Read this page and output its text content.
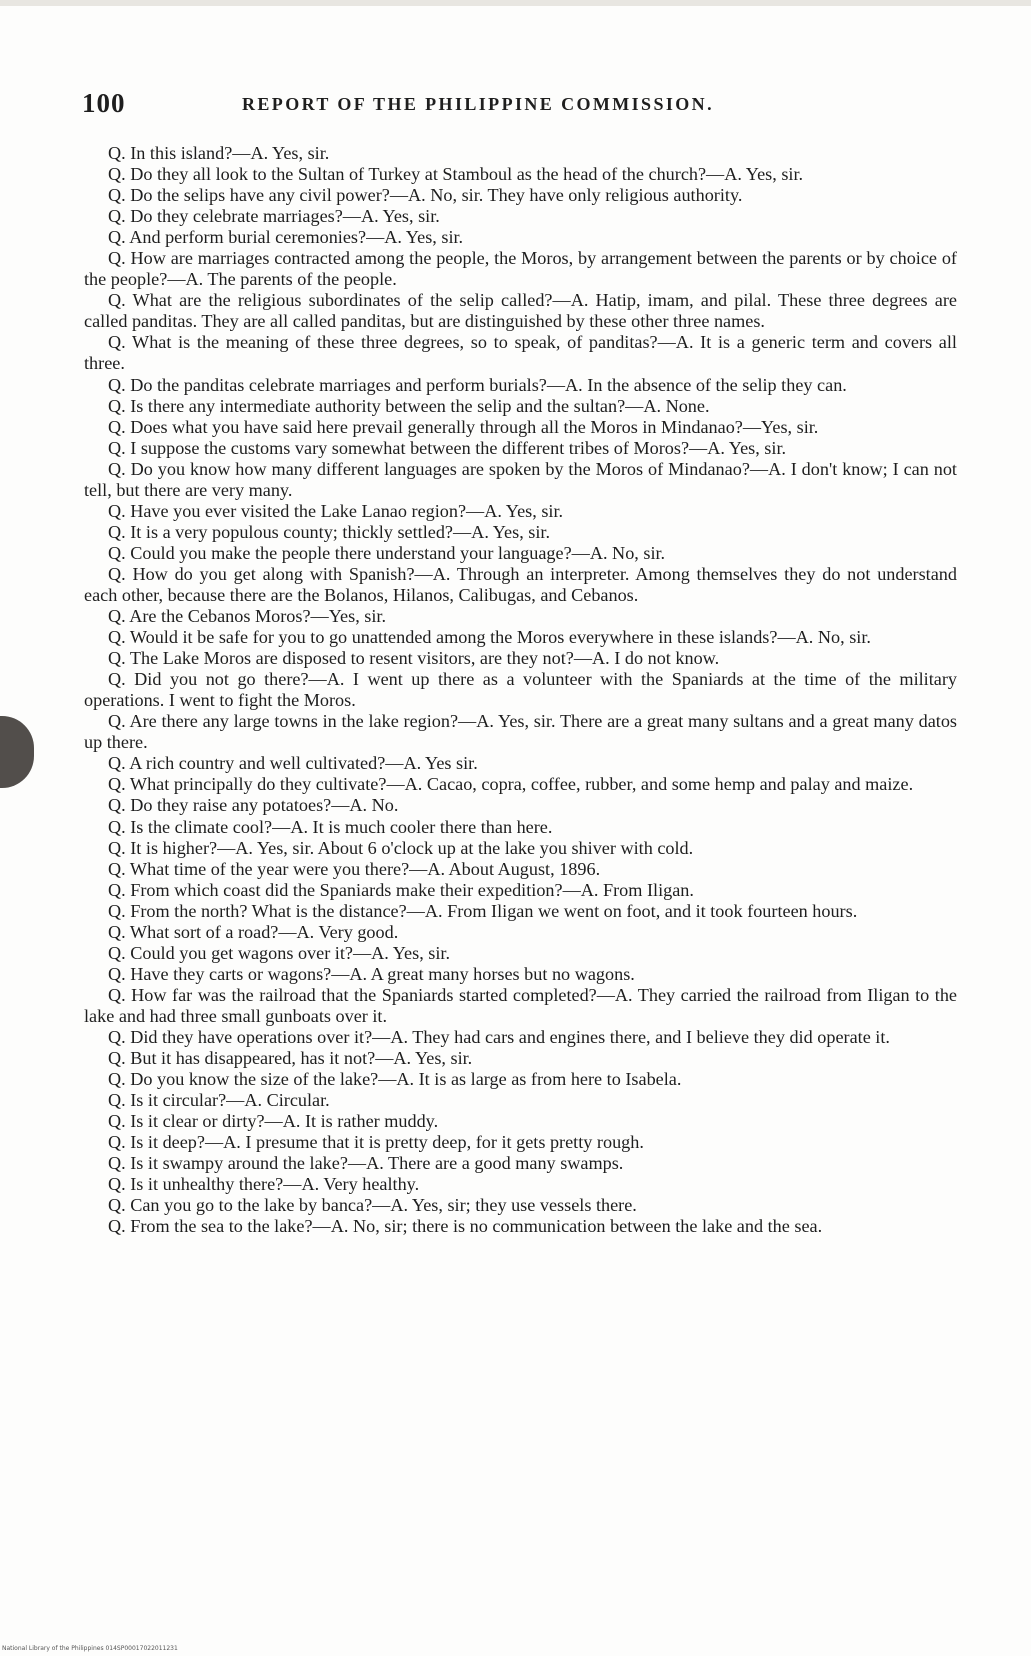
100	REPORT OF THE PHILIPPINE COMMISSION.

Q. In this island?—A. Yes, sir.

Q. Do they all look to the Sultan of Turkey at Stamboul as the head of the church?—A. Yes, sir.

Q. Do the selips have any civil power?—A. No, sir. They have only religious authority.

Q. Do they celebrate marriages?—A. Yes, sir.

Q. And perform burial ceremonies?—A. Yes, sir.

Q. How are marriages contracted among the people, the Moros, by arrangement between the parents or by choice of the people?—A. The parents of the people.

Q. What are the religious subordinates of the selip called?—A. Hatip, imam, and pilal. These three degrees are called panditas. They are all called panditas, but are distinguished by these other three names.

Q. What is the meaning of these three degrees, so to speak, of panditas?—A. It is a generic term and covers all three.

Q. Do the panditas celebrate marriages and perform burials?—A. In the absence of the selip they can.

Q. Is there any intermediate authority between the selip and the sultan?—A. None.

Q. Does what you have said here prevail generally through all the Moros in Mindanao?—Yes, sir.

Q. I suppose the customs vary somewhat between the different tribes of Moros?—A. Yes, sir.

Q. Do you know how many different languages are spoken by the Moros of Mindanao?—A. I don't know; I can not tell, but there are very many.

Q. Have you ever visited the Lake Lanao region?—A. Yes, sir.

Q. It is a very populous county; thickly settled?—A. Yes, sir.

Q. Could you make the people there understand your language?—A. No, sir.

Q. How do you get along with Spanish?—A. Through an interpreter. Among themselves they do not understand each other, because there are the Bolanos, Hilanos, Calibugas, and Cebanos.

Q. Are the Cebanos Moros?—Yes, sir.

Q. Would it be safe for you to go unattended among the Moros everywhere in these islands?—A. No, sir.

Q. The Lake Moros are disposed to resent visitors, are they not?—A. I do not know.

Q. Did you not go there?—A. I went up there as a volunteer with the Spaniards at the time of the military operations. I went to fight the Moros.

Q. Are there any large towns in the lake region?—A. Yes, sir. There are a great many sultans and a great many datos up there.

Q. A rich country and well cultivated?—A. Yes sir.

Q. What principally do they cultivate?—A. Cacao, copra, coffee, rubber, and some hemp and palay and maize.

Q. Do they raise any potatoes?—A. No.

Q. Is the climate cool?—A. It is much cooler there than here.

Q. It is higher?—A. Yes, sir. About 6 o'clock up at the lake you shiver with cold.

Q. What time of the year were you there?—A. About August, 1896.

Q. From which coast did the Spaniards make their expedition?—A. From Iligan.

Q. From the north? What is the distance?—A. From Iligan we went on foot, and it took fourteen hours.

Q. What sort of a road?—A. Very good.

Q. Could you get wagons over it?—A. Yes, sir.

Q. Have they carts or wagons?—A. A great many horses but no wagons.

Q. How far was the railroad that the Spaniards started completed?—A. They carried the railroad from Iligan to the lake and had three small gunboats over it.

Q. Did they have operations over it?—A. They had cars and engines there, and I believe they did operate it.

Q. But it has disappeared, has it not?—A. Yes, sir.

Q. Do you know the size of the lake?—A. It is as large as from here to Isabela.

Q. Is it circular?—A. Circular.

Q. Is it clear or dirty?—A. It is rather muddy.

Q. Is it deep?—A. I presume that it is pretty deep, for it gets pretty rough.

Q. Is it swampy around the lake?—A. There are a good many swamps.

Q. Is it unhealthy there?—A. Very healthy.

Q. Can you go to the lake by banca?—A. Yes, sir; they use vessels there.

Q. From the sea to the lake?—A. No, sir; there is no communication between the lake and the sea.

National Library of the Philippines 014SP0001702201​1231
